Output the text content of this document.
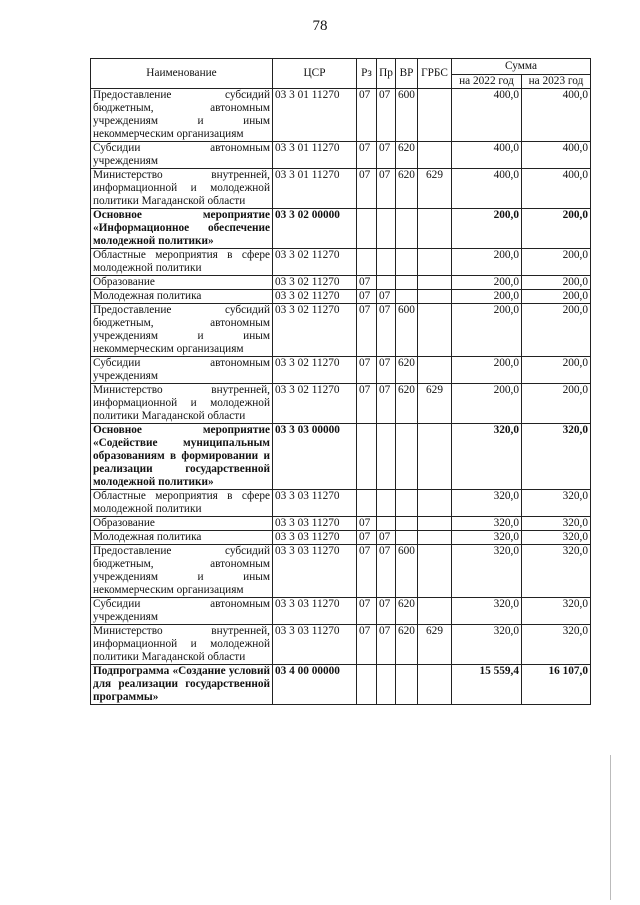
78
Наименование	ЦСР	Рз	Пр	ВР	ГРБС	Сумма	
						на 2022 год	на 2023 год
Предоставление субсидий бюджетным, автономным учреждениям и иным некоммерческим организациям	03 3 01 11270	07	07	600		400,0	400,0
Субсидии автономным учреждениям	03 3 01 11270	07	07	620		400,0	400,0
Министерство внутренней, информационной и молодежной политики Магаданской области	03 3 01 11270	07	07	620	629	400,0	400,0
Основное мероприятие «Информационное обеспечение молодежной политики»	03 3 02 00000					200,0	200,0
Областные мероприятия в сфере молодежной политики	03 3 02 11270					200,0	200,0
Образование	03 3 02 11270	07				200,0	200,0
Молодежная политика	03 3 02 11270	07	07			200,0	200,0
Предоставление субсидий бюджетным, автономным учреждениям и иным некоммерческим организациям	03 3 02 11270	07	07	600		200,0	200,0
Субсидии автономным учреждениям	03 3 02 11270	07	07	620		200,0	200,0
Министерство внутренней, информационной и молодежной политики Магаданской области	03 3 02 11270	07	07	620	629	200,0	200,0
Основное мероприятие «Содействие муниципальным образованиям в формировании и реализации государственной молодежной политики»	03 3 03 00000					320,0	320,0
Областные мероприятия в сфере молодежной политики	03 3 03 11270					320,0	320,0
Образование	03 3 03 11270	07				320,0	320,0
Молодежная политика	03 3 03 11270	07	07			320,0	320,0
Предоставление субсидий бюджетным, автономным учреждениям и иным некоммерческим организациям	03 3 03 11270	07	07	600		320,0	320,0
Субсидии автономным учреждениям	03 3 03 11270	07	07	620		320,0	320,0
Министерство внутренней, информационной и молодежной политики Магаданской области	03 3 03 11270	07	07	620	629	320,0	320,0
Подпрограмма «Создание условий для реализации государственной программы»	03 4 00 00000					15 559,4	16 107,0
